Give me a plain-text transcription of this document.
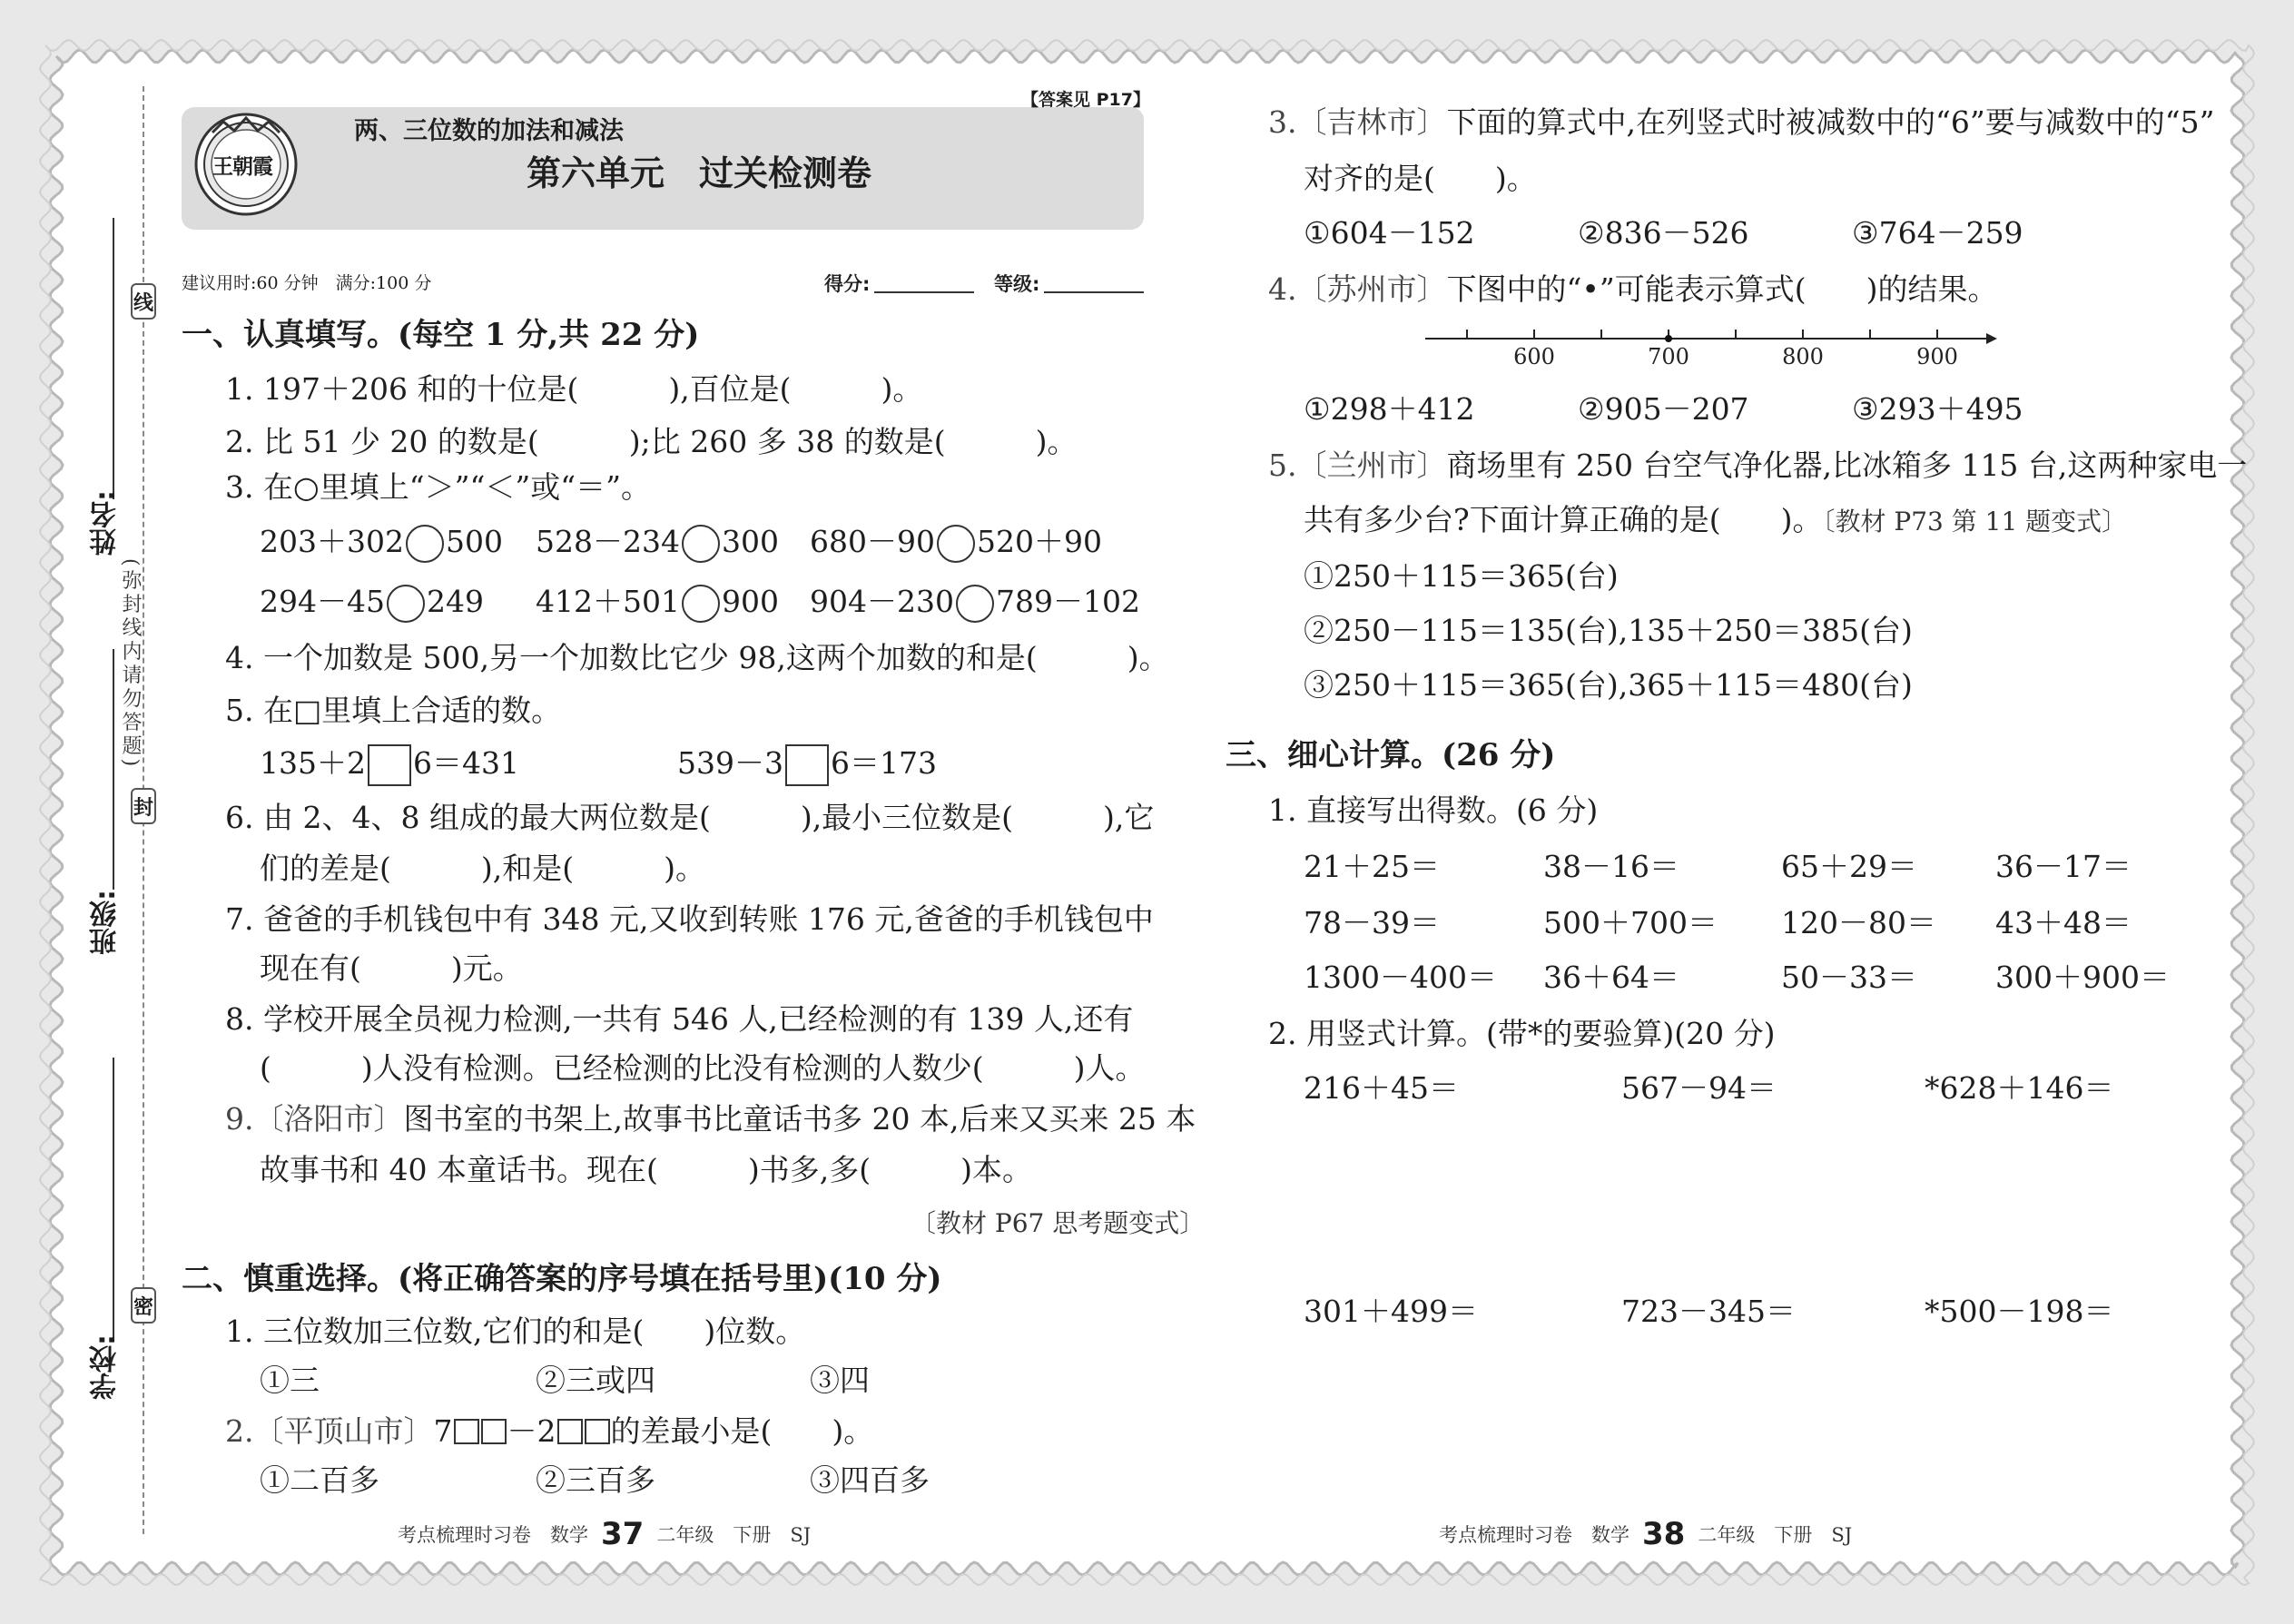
线
封
密
(弥封线内请勿答题)
姓名:
班级:
学校:
两、三位数的加法和减法
【答案见 P17】
第六单元　过关检测卷
王朝霞
建议用时:60 分钟　满分:100 分	得分:	等级:
一、认真填写。(每空 1 分,共 22 分)
1. 197＋206 和的十位是(　　　),百位是(　　　)。
2. 比 51 少 20 的数是(　　　);比 260 多 38 的数是(　　　)。
3. 在○里填上“＞”“＜”或“＝”。
203＋302 500 528－234 300 680－90 520＋90
294－45 249 412＋501 900 904－230 789－102
4. 一个加数是 500,另一个加数比它少 98,这两个加数的和是(　　　)。
5. 在□里填上合适的数。
135＋2 6＝431	539－3 6＝173
6. 由 2、4、8 组成的最大两位数是(　　　),最小三位数是(　　　),它
们的差是(　　　),和是(　　　)。
7. 爸爸的手机钱包中有 348 元,又收到转账 176 元,爸爸的手机钱包中
现在有(　　　)元。
8. 学校开展全员视力检测,一共有 546 人,已经检测的有 139 人,还有
(　　　)人没有检测。已经检测的比没有检测的人数少(　　　)人。
9.〔洛阳市〕图书室的书架上,故事书比童话书多 20 本,后来又买来 25 本
故事书和 40 本童话书。现在(　　　)书多,多(　　　)本。
〔教材 P67 思考题变式〕
二、慎重选择。(将正确答案的序号填在括号里)(10 分)
1. 三位数加三位数,它们的和是(　　)位数。
①三	②三或四	③四
2.〔平顶山市〕7 －2 的差最小是(　　)。
①二百多	②三百多	③四百多
考点梳理时习卷　数学 37 二年级　下册　SJ
3.〔吉林市〕下面的算式中,在列竖式时被减数中的“6”要与减数中的“5”
对齐的是(　　)。
①604－152	②836－526	③764－259
4.〔苏州市〕下图中的“•”可能表示算式(　　)的结果。
600	700	800	900
①298＋412	②905－207	③293＋495
5.〔兰州市〕商场里有 250 台空气净化器,比冰箱多 115 台,这两种家电一
共有多少台?下面计算正确的是(　　)。〔教材 P73 第 11 题变式〕
①250＋115＝365(台)
②250－115＝135(台),135＋250＝385(台)
③250＋115＝365(台),365＋115＝480(台)
三、细心计算。(26 分)
1. 直接写出得数。(6 分)
21＋25＝	38－16＝	65＋29＝	36－17＝
78－39＝	500＋700＝ 120－80＝ 43＋48＝
1300－400＝ 36＋64＝	50－33＝	300＋900＝
2. 用竖式计算。(带*的要验算)(20 分)
216＋45＝	567－94＝	*628＋146＝
301＋499＝	723－345＝	*500－198＝
考点梳理时习卷　数学 38 二年级　下册　SJ
